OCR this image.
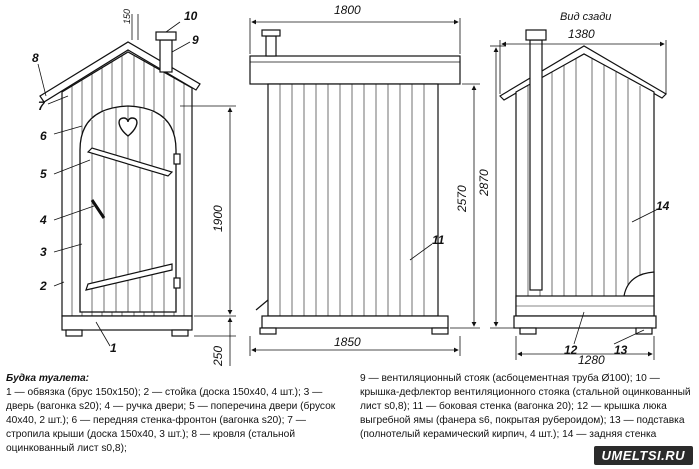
1800
1380
Вид сзади
2870
2570
1900
250
1850
1280
150
8
10
9
7
6
5
4
3
2
1
11
14
12	13
Будка туалета:
1 — обвязка (брус 150х150); 2 — стойка (доска 150х40, 4 шт.); 3 — дверь (вагонка s20); 4 — ручка двери; 5 — поперечина двери (брусок 40х40, 2 шт.); 6 — передняя стенка-фронтон (вагонка s20); 7 — стропила крыши (доска 150х40, 3 шт.); 8 — кровля (стальной оцинкованный лист s0,8);
9 — вентиляционный стояк (асбоцементная труба Ø100); 10 — крышка-дефлектор вентиляционного стояка (стальной оцинкованный лист s0,8); 11 — боковая стенка (вагонка 20); 12 — крышка люка выгребной ямы (фанера s6, покрытая рубероидом); 13 — подставка (полнотелый керамический кирпич, 4 шт.); 14 — задняя стенка
UMELTSI.RU
